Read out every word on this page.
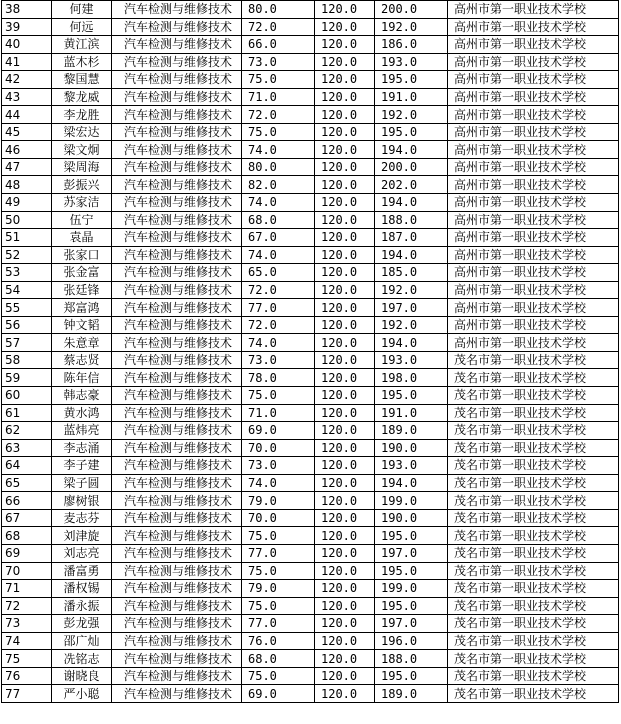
38	何建	汽车检测与维修技术	80.0	120.0	200.0	高州市第一职业技术学校
39	何远	汽车检测与维修技术	72.0	120.0	192.0	高州市第一职业技术学校
40	黄江滨	汽车检测与维修技术	66.0	120.0	186.0	高州市第一职业技术学校
41	蓝木杉	汽车检测与维修技术	73.0	120.0	193.0	高州市第一职业技术学校
42	黎国慧	汽车检测与维修技术	75.0	120.0	195.0	高州市第一职业技术学校
43	黎龙威	汽车检测与维修技术	71.0	120.0	191.0	高州市第一职业技术学校
44	李龙胜	汽车检测与维修技术	72.0	120.0	192.0	高州市第一职业技术学校
45	梁宏达	汽车检测与维修技术	75.0	120.0	195.0	高州市第一职业技术学校
46	梁文炯	汽车检测与维修技术	74.0	120.0	194.0	高州市第一职业技术学校
47	梁周海	汽车检测与维修技术	80.0	120.0	200.0	高州市第一职业技术学校
48	彭振兴	汽车检测与维修技术	82.0	120.0	202.0	高州市第一职业技术学校
49	苏家洁	汽车检测与维修技术	74.0	120.0	194.0	高州市第一职业技术学校
50	伍宁	汽车检测与维修技术	68.0	120.0	188.0	高州市第一职业技术学校
51	袁晶	汽车检测与维修技术	67.0	120.0	187.0	高州市第一职业技术学校
52	张家口	汽车检测与维修技术	74.0	120.0	194.0	高州市第一职业技术学校
53	张金富	汽车检测与维修技术	65.0	120.0	185.0	高州市第一职业技术学校
54	张廷锋	汽车检测与维修技术	72.0	120.0	192.0	高州市第一职业技术学校
55	郑富鸿	汽车检测与维修技术	77.0	120.0	197.0	高州市第一职业技术学校
56	钟文韬	汽车检测与维修技术	72.0	120.0	192.0	高州市第一职业技术学校
57	朱意章	汽车检测与维修技术	74.0	120.0	194.0	高州市第一职业技术学校
58	蔡志贤	汽车检测与维修技术	73.0	120.0	193.0	茂名市第一职业技术学校
59	陈年信	汽车检测与维修技术	78.0	120.0	198.0	茂名市第一职业技术学校
60	韩志豪	汽车检测与维修技术	75.0	120.0	195.0	茂名市第一职业技术学校
61	黄水鸿	汽车检测与维修技术	71.0	120.0	191.0	茂名市第一职业技术学校
62	蓝炜亮	汽车检测与维修技术	69.0	120.0	189.0	茂名市第一职业技术学校
63	李志涌	汽车检测与维修技术	70.0	120.0	190.0	茂名市第一职业技术学校
64	李子建	汽车检测与维修技术	73.0	120.0	193.0	茂名市第一职业技术学校
65	梁子圆	汽车检测与维修技术	74.0	120.0	194.0	茂名市第一职业技术学校
66	廖树银	汽车检测与维修技术	79.0	120.0	199.0	茂名市第一职业技术学校
67	麦志芬	汽车检测与维修技术	70.0	120.0	190.0	茂名市第一职业技术学校
68	刘津旋	汽车检测与维修技术	75.0	120.0	195.0	茂名市第一职业技术学校
69	刘志亮	汽车检测与维修技术	77.0	120.0	197.0	茂名市第一职业技术学校
70	潘富勇	汽车检测与维修技术	75.0	120.0	195.0	茂名市第一职业技术学校
71	潘权锡	汽车检测与维修技术	79.0	120.0	199.0	茂名市第一职业技术学校
72	潘永振	汽车检测与维修技术	75.0	120.0	195.0	茂名市第一职业技术学校
73	彭龙强	汽车检测与维修技术	77.0	120.0	197.0	茂名市第一职业技术学校
74	邵广灿	汽车检测与维修技术	76.0	120.0	196.0	茂名市第一职业技术学校
75	冼铭志	汽车检测与维修技术	68.0	120.0	188.0	茂名市第一职业技术学校
76	谢晓良	汽车检测与维修技术	75.0	120.0	195.0	茂名市第一职业技术学校
77	严小聪	汽车检测与维修技术	69.0	120.0	189.0	茂名市第一职业技术学校
